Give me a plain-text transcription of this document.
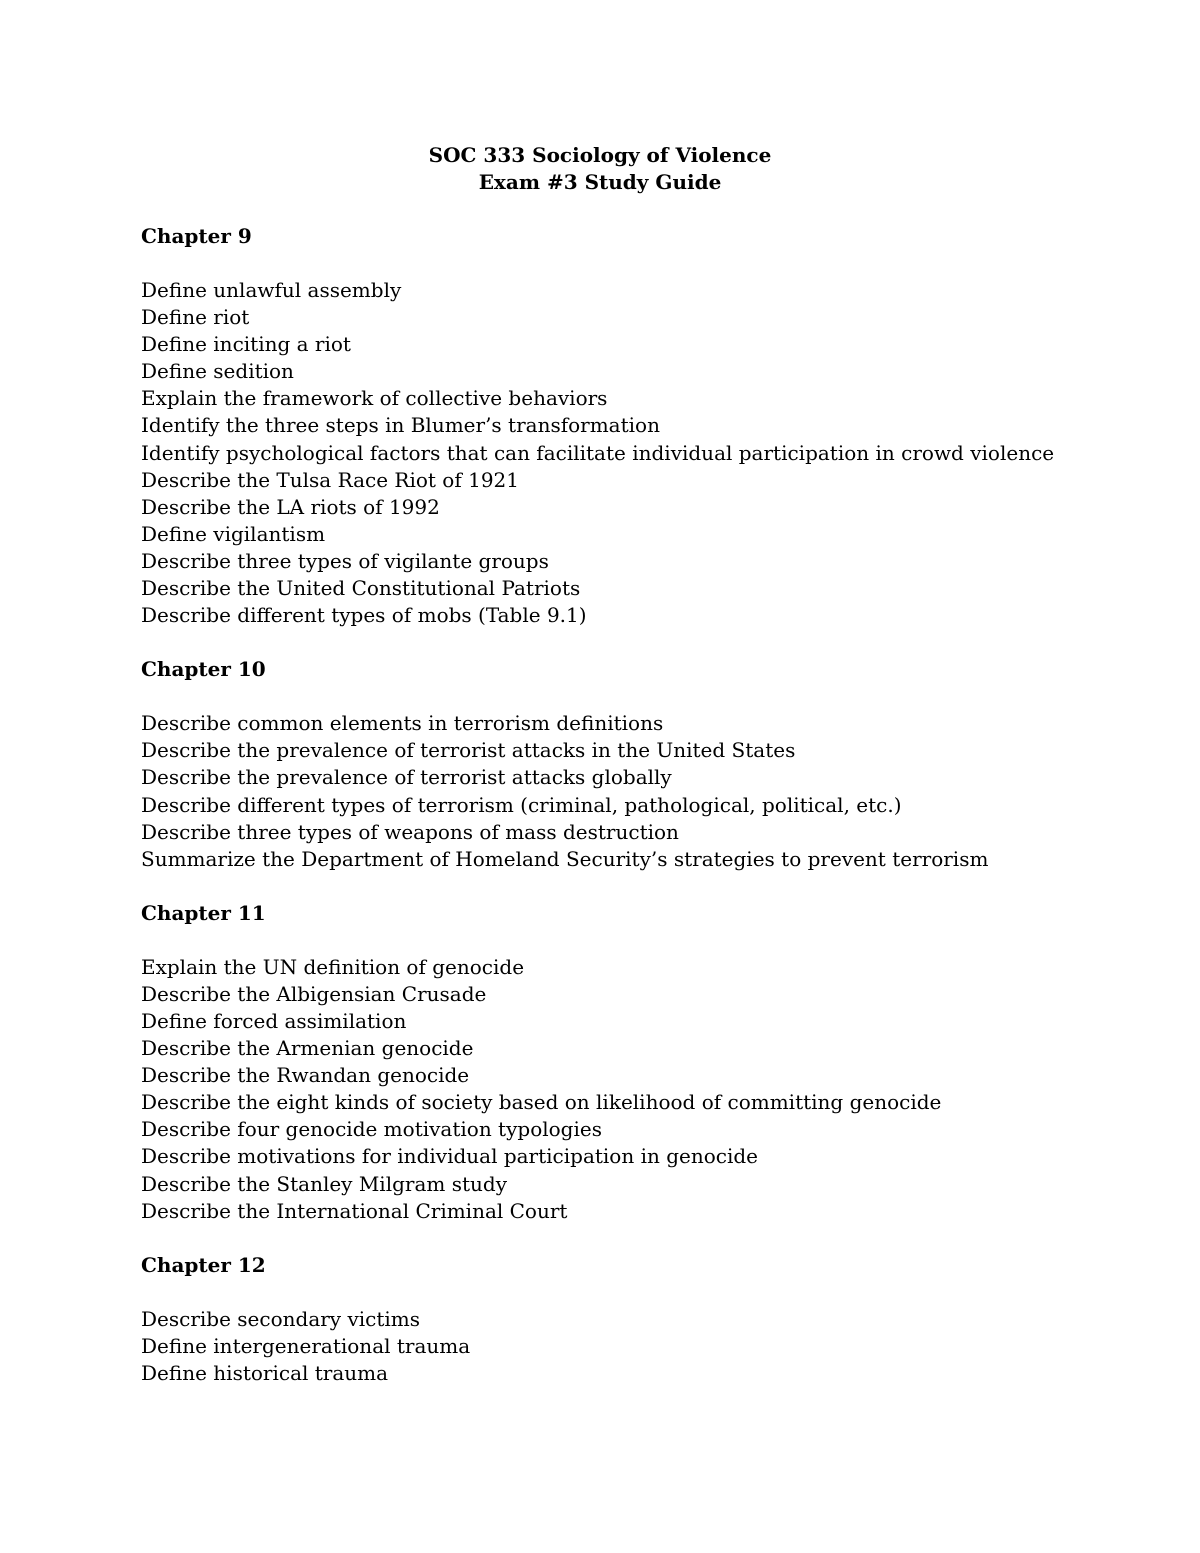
SOC 333 Sociology of Violence
Exam #3 Study Guide
Chapter 9
Define unlawful assembly
Define riot
Define inciting a riot
Define sedition
Explain the framework of collective behaviors
Identify the three steps in Blumer’s transformation
Identify psychological factors that can facilitate individual participation in crowd violence
Describe the Tulsa Race Riot of 1921
Describe the LA riots of 1992
Define vigilantism
Describe three types of vigilante groups
Describe the United Constitutional Patriots
Describe different types of mobs (Table 9.1)
Chapter 10
Describe common elements in terrorism definitions
Describe the prevalence of terrorist attacks in the United States
Describe the prevalence of terrorist attacks globally
Describe different types of terrorism (criminal, pathological, political, etc.)
Describe three types of weapons of mass destruction
Summarize the Department of Homeland Security’s strategies to prevent terrorism
Chapter 11
Explain the UN definition of genocide
Describe the Albigensian Crusade
Define forced assimilation
Describe the Armenian genocide
Describe the Rwandan genocide
Describe the eight kinds of society based on likelihood of committing genocide
Describe four genocide motivation typologies
Describe motivations for individual participation in genocide
Describe the Stanley Milgram study
Describe the International Criminal Court
Chapter 12
Describe secondary victims
Define intergenerational trauma
Define historical trauma
